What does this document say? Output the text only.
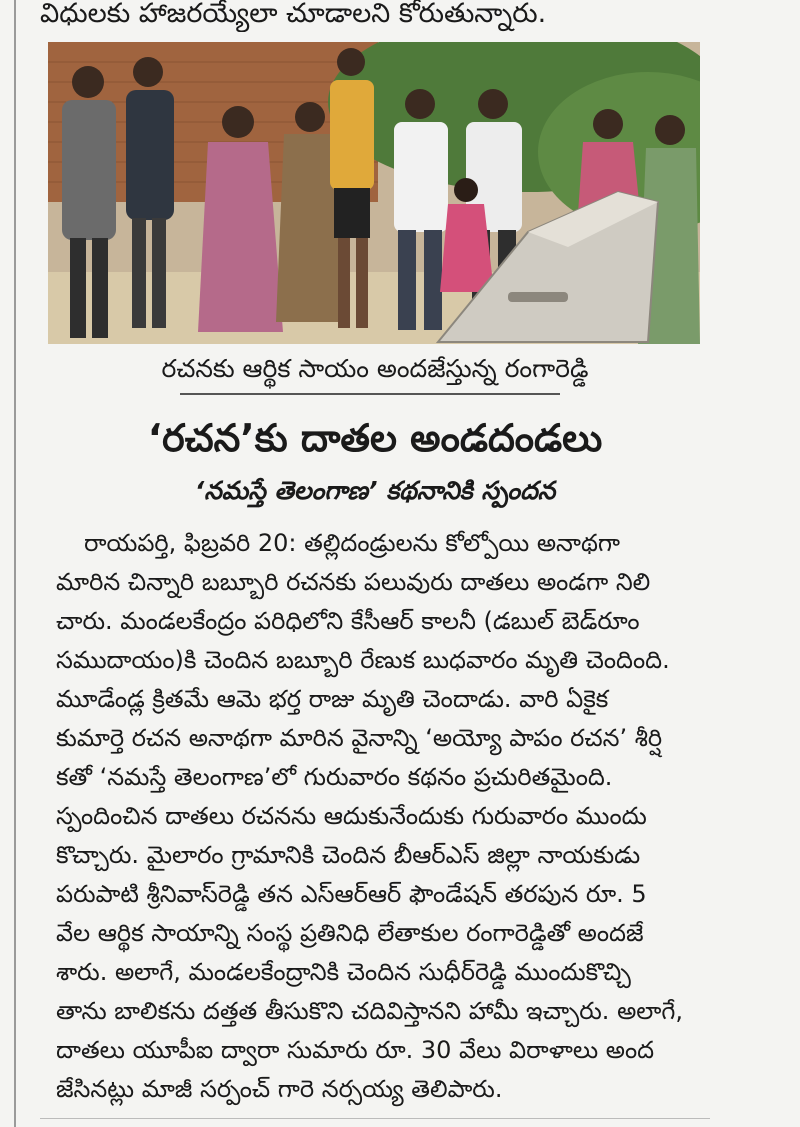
విధులకు హాజరయ్యేలా చూడాలని కోరుతున్నారు.
రచనకు ఆర్థిక సాయం అందజేస్తున్న రంగారెడ్డి
‘రచన’కు దాతల అండదండలు
‘నమస్తే తెలంగాణ’ కథనానికి స్పందన
రాయపర్తి, ఫిబ్రవరి 20: తల్లిదండ్రులను కోల్పోయి అనాథగా
మారిన చిన్నారి బబ్బూరి రచనకు పలువురు దాతలు అండగా నిలి
చారు. మండలకేంద్రం పరిధిలోని కేసీఆర్ కాలనీ (డబుల్ బెడ్‌రూం
సముదాయం)కి చెందిన బబ్బూరి రేణుక బుధవారం మృతి చెందింది.
మూడేండ్ల క్రితమే ఆమె భర్త రాజు మృతి చెందాడు. వారి ఏకైక
కుమార్తె రచన అనాథగా మారిన వైనాన్ని ‘అయ్యో పాపం రచన’ శీర్షి
కతో ‘నమస్తే తెలంగాణ’లో గురువారం కథనం ప్రచురితమైంది.
స్పందించిన దాతలు రచనను ఆదుకునేందుకు గురువారం ముందు
కొచ్చారు. మైలారం గ్రామానికి చెందిన బీఆర్ఎస్ జిల్లా నాయకుడు
పరుపాటి శ్రీనివాస్‌రెడ్డి తన ఎస్ఆర్ఆర్ ఫౌండేషన్ తరపున రూ. 5
వేల ఆర్థిక సాయాన్ని సంస్థ ప్రతినిధి లేతాకుల రంగారెడ్డితో అందజే
శారు. అలాగే, మండలకేంద్రానికి చెందిన సుధీర్‌రెడ్డి ముందుకొచ్చి
తాను బాలికను దత్తత తీసుకొని చదివిస్తానని హామీ ఇచ్చారు. అలాగే,
దాతలు యూపీఐ ద్వారా సుమారు రూ. 30 వేలు విరాళాలు అంద
జేసినట్లు మాజీ సర్పంచ్ గారె నర్సయ్య తెలిపారు.
